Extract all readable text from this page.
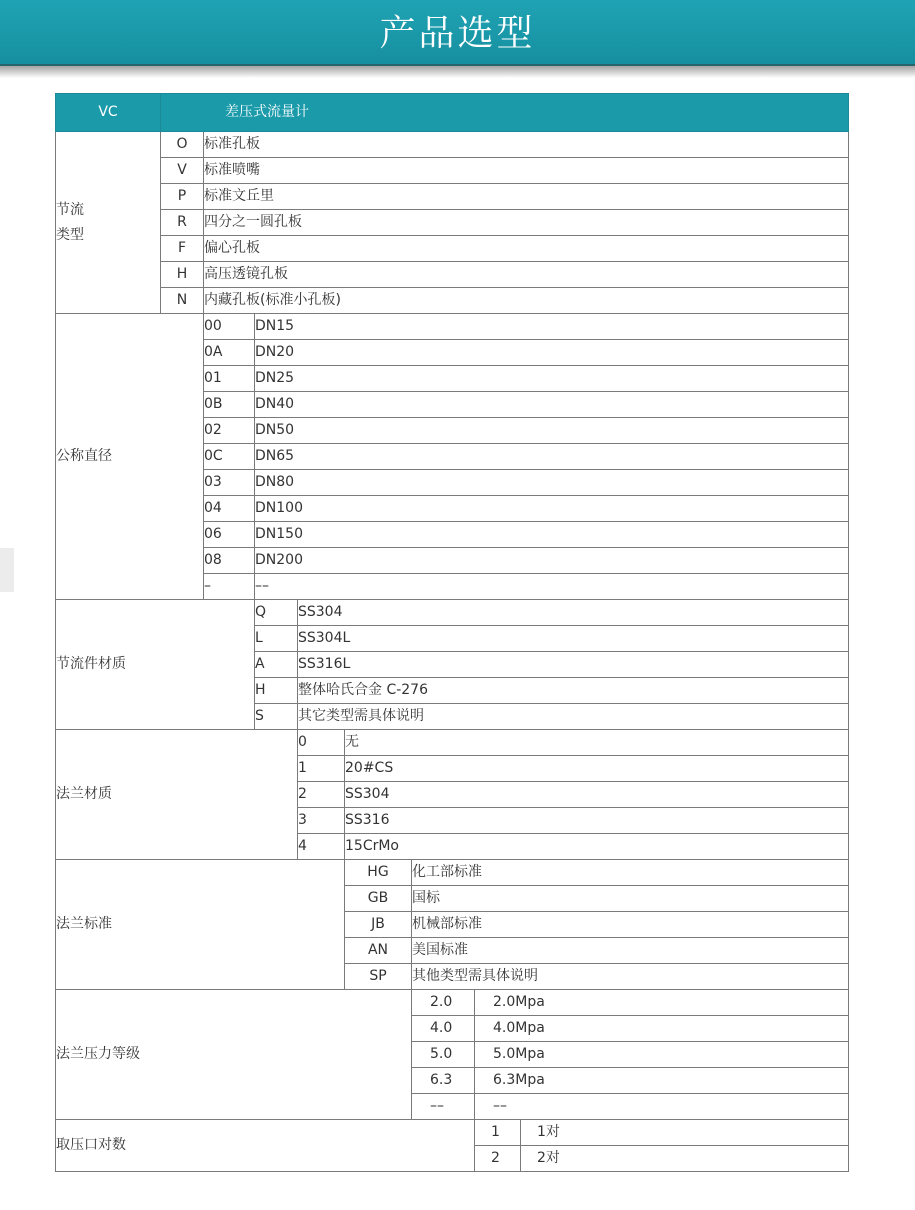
产品选型
VC	差压式流量计							

节流
类型	O	标准孔板						
	V	标准喷嘴						
	P	标准文丘里						
	R	四分之一圆孔板						
	F	偏心孔板						
	H	高压透镜孔板						
	N	内藏孔板(标准小孔板)						
公称直径		00	DN15					
		0A	DN20					
		01	DN25					
		0B	DN40					
		02	DN50					
		0C	DN65					
		03	DN80					
		04	DN100					
		06	DN150					
		08	DN200					
		–	––					
节流件材质			Q	SS304				
			L	SS304L				
			A	SS316L				
			H	整体哈氏合金 C-276				
			S	其它类型需具体说明				
法兰材质				0	无			
				1	20#CS			
				2	SS304			
				3	SS316			
				4	15CrMo			
法兰标准					HG	化工部标准		
					GB	国标		
					JB	机械部标准		
					AN	美国标准		
					SP	其他类型需具体说明		
法兰压力等级						2.0	2.0Mpa	
						4.0	4.0Mpa	
						5.0	5.0Mpa	
						6.3	6.3Mpa	
						––	––	
取压口对数							1	1对
							2	2对
